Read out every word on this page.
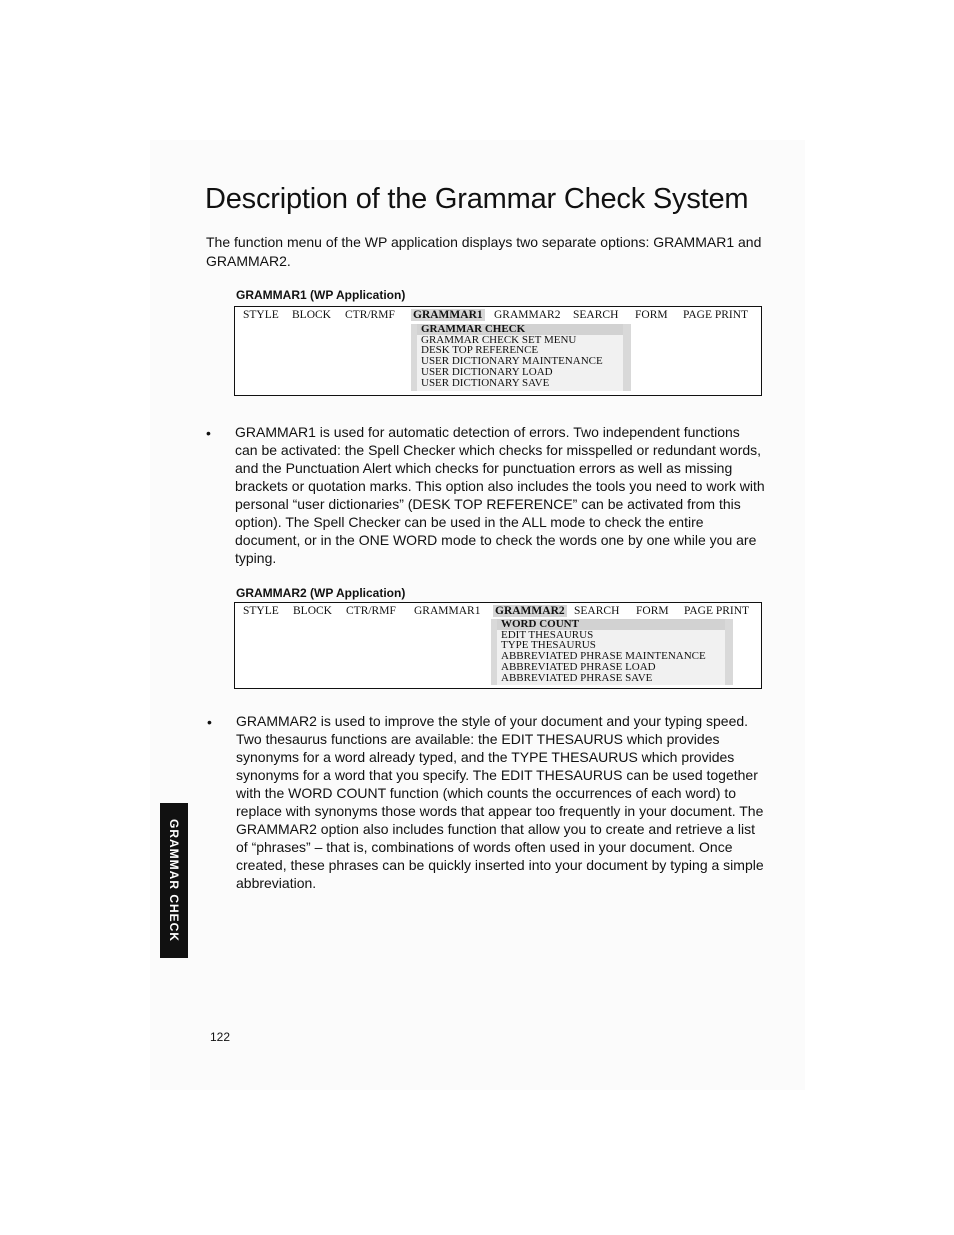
Description of the Grammar Check System

The function menu of the WP application displays two separate options: GRAMMAR1 and GRAMMAR2.

GRAMMAR1 (WP Application)

STYLE BLOCK CTR/RMF GRAMMAR1 GRAMMAR2 SEARCH FORM PAGE PRINT
GRAMMAR CHECK
GRAMMAR CHECK SET MENU
DESK TOP REFERENCE
USER DICTIONARY MAINTENANCE
USER DICTIONARY LOAD
USER DICTIONARY SAVE
• GRAMMAR1 is used for automatic detection of errors. Two independent functions can be activated: the Spell Checker which checks for misspelled or redundant words, and the Punctuation Alert which checks for punctuation errors as well as missing brackets or quotation marks. This option also includes the tools you need to work with personal “user dictionaries” (DESK TOP REFERENCE” can be activated from this option). The Spell Checker can be used in the ALL mode to check the entire document, or in the ONE WORD mode to check the words one by one while you are typing.

GRAMMAR2 (WP Application)

STYLE BLOCK CTR/RMF GRAMMAR1 GRAMMAR2 SEARCH FORM PAGE PRINT
WORD COUNT
EDIT THESAURUS
TYPE THESAURUS
ABBREVIATED PHRASE MAINTENANCE
ABBREVIATED PHRASE LOAD
ABBREVIATED PHRASE SAVE
• GRAMMAR2 is used to improve the style of your document and your typing speed. Two thesaurus functions are available: the EDIT THESAURUS which provides synonyms for a word already typed, and the TYPE THESAURUS which provides synonyms for a word that you specify. The EDIT THESAURUS can be used together with the WORD COUNT function (which counts the occurrences of each word) to replace with synonyms those words that appear too frequently in your document. The GRAMMAR2 option also includes function that allow you to create and retrieve a list of “phrases” – that is, combinations of words often used in your document. Once created, these phrases can be quickly inserted into your document by typing a simple abbreviation.

GRAMMAR CHECK
122
